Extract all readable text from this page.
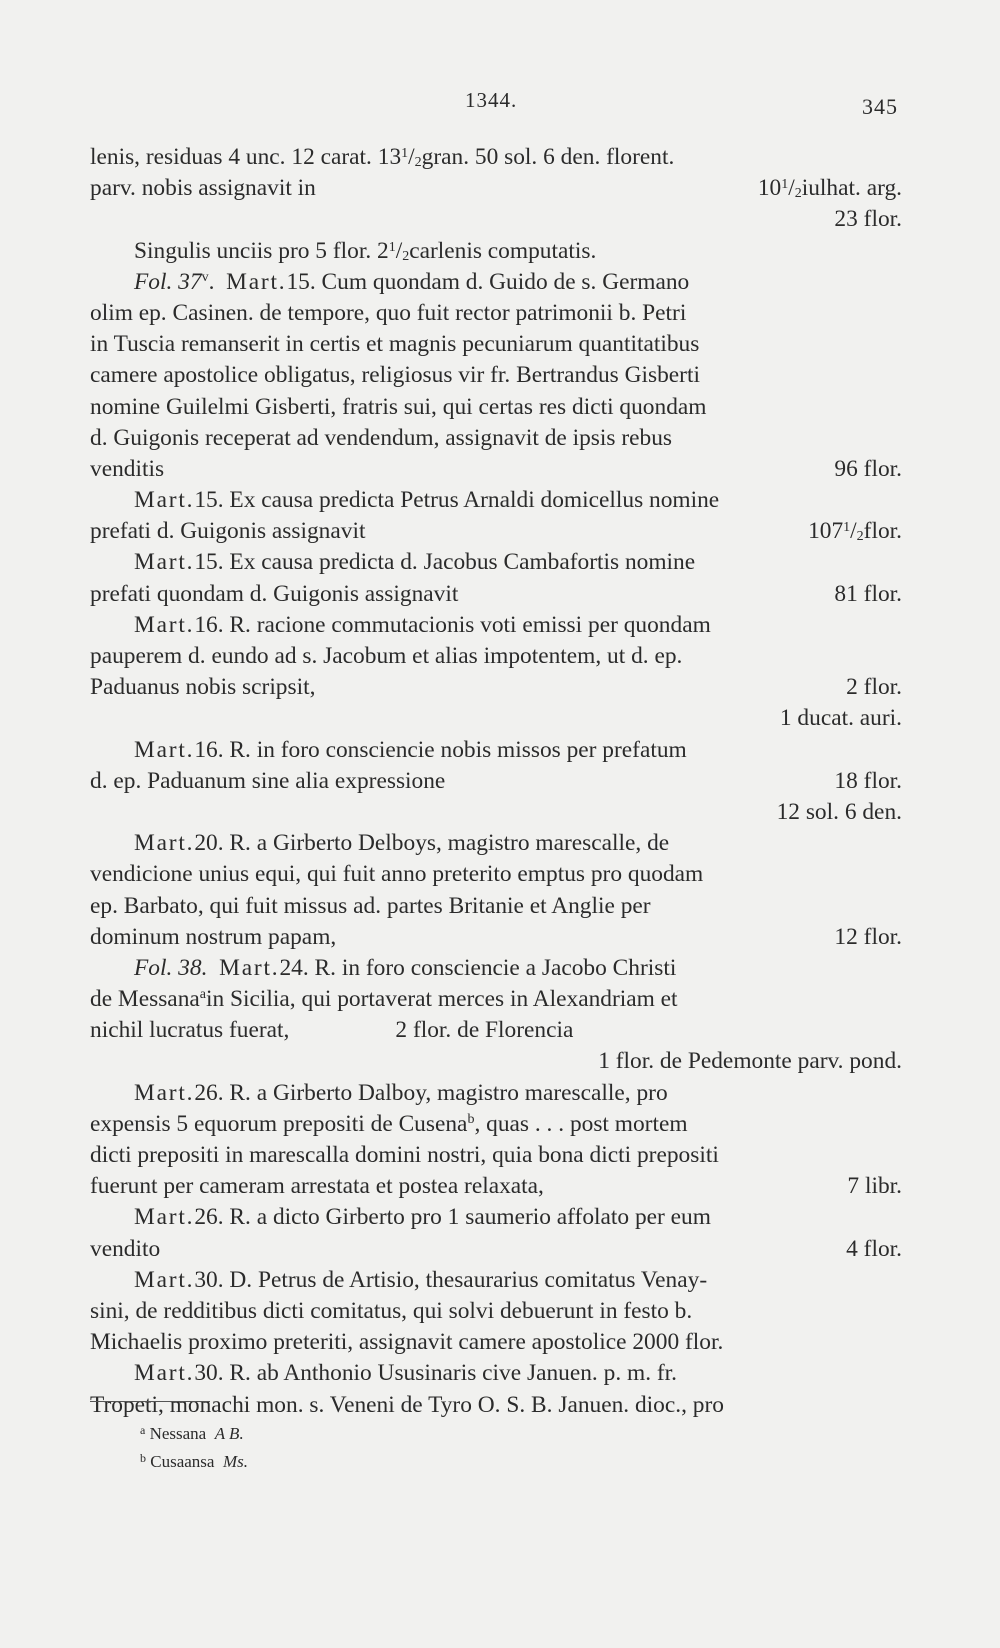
1344.	345
lenis, residuas 4 unc. 12 carat. $13^1/_2gran$. 50 sol. 6 den. florent.
parv. nobis assignavit in	$10^1/_2iulhat$. arg.
23 flor.
Singulis unciis pro 5 flor. $2^1/_2carlenis$ computatis.
Fol. 37$^v$.  Mart.15. Cum quondam d. Guido de s. Germano
olim ep. Casinen. de tempore, quo fuit rector patrimonii b. Petri
in Tuscia remanserit in certis et magnis pecuniarum quantitatibus
camere apostolice obligatus, religiosus vir fr. Bertrandus Gisberti
nomine Guilelmi Gisberti, fratris sui, qui certas res dicti quondam
d. Guigonis receperat ad vendendum, assignavit de ipsis rebus
venditis	96 flor.
Mart.15. Ex causa predicta Petrus Arnaldi domicellus nomine
prefati d. Guigonis assignavit	$107^1/_2flor$.
Mart.15. Ex causa predicta d. Jacobus Cambafortis nomine
prefati quondam d. Guigonis assignavit	81 flor.
Mart.16. R. racione commutacionis voti emissi per quondam
pauperem d. eundo ad s. Jacobum et alias impotentem, ut d. ep.
Paduanus nobis scripsit,	2 flor.
1 ducat. auri.
Mart.16. R. in foro consciencie nobis missos per prefatum
d. ep. Paduanum sine alia expressione	18 flor.
12 sol. 6 den.
Mart.20. R. a Girberto Delboys, magistro marescalle, de
vendicione unius equi, qui fuit anno preterito emptus pro quodam
ep. Barbato, qui fuit missus ad. partes Britanie et Anglie per
dominum nostrum papam,	12 flor.
Fol. 38. Mart.24. R. in foro consciencie a Jacobo Christi
de Messana$^a$in Sicilia, qui portaverat merces in Alexandriam et
nichil lucratus fuerat,	2 flor. de Florencia
1 flor. de Pedemonte parv. pond.
Mart.26. R. a Girberto Dalboy, magistro marescalle, pro
expensis 5 equorum prepositi de Cusena$^b$, quas . . . post mortem
dicti prepositi in marescalla domini nostri, quia bona dicti prepositi
fuerunt per cameram arrestata et postea relaxata,	7 libr.
Mart.26. R. a dicto Girberto pro 1 saumerio affolato per eum
vendito	4 flor.
Mart.30. D. Petrus de Artisio, thesaurarius comitatus Venay-
sini, de redditibus dicti comitatus, qui solvi debuerunt in festo b.
Michaelis proximo preteriti, assignavit camere apostolice 2000 flor.
Mart.30. R. ab Anthonio Ususinaris cive Januen. p. m. fr.
Tropeti, monachi mon. s. Veneni de Tyro O. S. B. Januen. dioc., pro
$^a$ Nessana A B.
$^b$ Cusaansa Ms.
